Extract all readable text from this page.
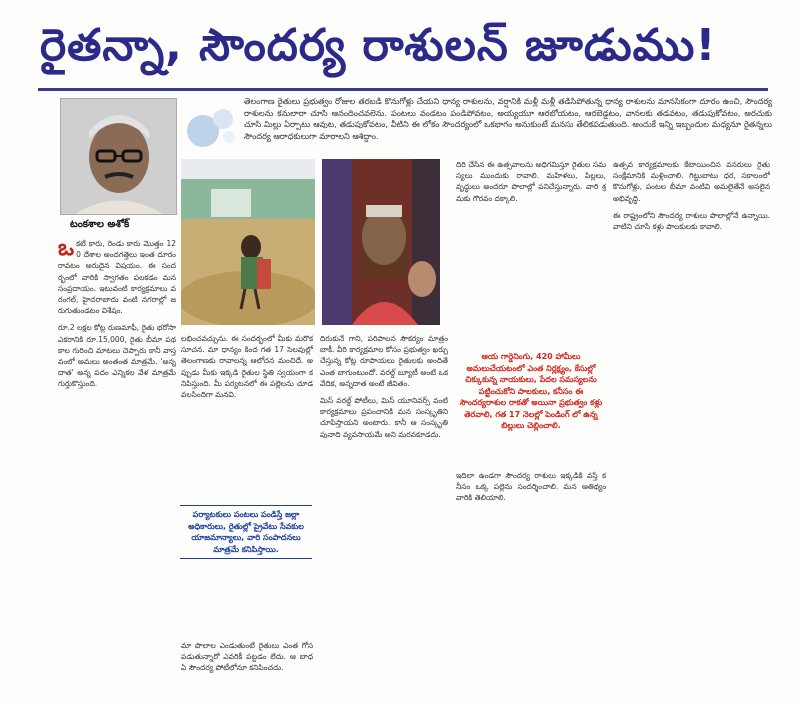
రైతన్నా, సౌందర్య రాశులన్ జూడుము!
టంకశాల అశోక్
తెలంగాణ రైతులు ప్రభుత్వం రోజుల తరబడి కొనుగోళ్లు చేయని ధాన్య రాశులను, వర్షానికి మళ్లీ మళ్లీ తడిసిపోతున్న ధాన్య రాశులను మానసికంగా దూరం ఉంచి, సౌందర్య రాశులను కనులారా చూసి ఆనందించవలెను. పంటలు వండటం పండిపోవటం, అయ్యయూ ఆరబోయటం, ఆరబెడ్డటం, వానలకు తడవటం, తడుపుకోవటం, అరచుకు చూసి మిల్లు ఏర్పాటు ఆవుట, తడుపుకోవటం, వీటిని ఈ లోకం సౌందర్యంలో ఒకభాగం అనుకుంటే మనసు తేలికపడుతుంది. అందుకే ఇన్ని ఇబ్బందుల మధ్యనూ రైతన్నలు సౌందర్య ఆరాధకులుగా మారాలని ఆశిద్దాం.

ఒకటే కారు, రెండు కారు మొత్తం 120 దేశాల అందగత్తెలు ఇంత దూరం రావటం అరుదైన విషయం. ఈ సందర్భంలో వారికి స్వాగతం పలకడం మన సంప్రదాయం. ఇటువంటి కార్యక్రమాలు వరంగల్, హైదరాబాదు వంటి నగరాల్లో జరుగుతుండటం విశేషం.

రూ.2 లక్షల కోట్ల రుణమాఫీ, రైతు భరోసా ఎకరానికి రూ.15,000, రైతు బీమా పథకాల గురించి మాటలు చెప్పారు కానీ వాస్తవంలో అమలు అంతంత మాత్రమే. 'అన్నదాత' అన్న పదం ఎన్నికల వేళ మాత్రమే గుర్తుకొస్తుంది.

లభించవచ్చును. ఈ సందర్భంలో మీకు మరొక సూచన. మా ధాన్యం కింద గత 17 సెలవుల్లో తెలంగాణకు రావాలన్న ఆలోచన మంచిదే. అప్పుడు మీకు ఇక్కడి రైతుల స్థితి స్వయంగా కనిపిస్తుంది. మీ పర్యటనలో ఈ పల్లెలను చూడవలసిందిగా మనవి.

పర్యాటకులు పంటలు పండిస్తే జల్లా అధికారులు, రైతుల్లో ప్రైవేటు సేవకుల యాజమాన్యాలు, వారి సంపాదనలు మాత్రమే కనిపిస్తాయి.

మా పొలాల ఎండుతుంటే రైతులు ఎంత గోస పడుతున్నారో ఎవరికీ పట్టడం లేదు. ఆ బాధ ఏ సౌందర్య పోటీలోనూ కనిపించదు.

దిరుకునే గాని, పరిపాలన సౌకర్యం మాత్రం బాకీ. వీరి కార్యక్రమాల కోసం ప్రభుత్వం ఖర్చు చేస్తున్న కోట్ల రూపాయలు రైతులకు అందితే ఎంత బాగుంటుందో. వరల్డ్ బ్యూటీ అంటే ఒక వేదిక, అన్నదాత అంటే జీవితం.

మిస్ వరల్డ్ పోటీలు, మిస్ యూనివర్స్ వంటి కార్యక్రమాలు ప్రపంచానికి మన సంస్కృతిని చూపిస్తాయని అంటారు. కానీ ఆ సంస్కృతి పునాది వ్యవసాయమే అని మరవకూడదు.

దిరి చేసిన ఈ ఉత్సవాలను అధిగమిస్తూ రైతుల సమస్యలు ముందుకు రావాలి. మహిళలు, పిల్లలు, వృద్ధులు అందరూ పొలాల్లో పనిచేస్తున్నారు. వారి శ్రమకు గౌరవం దక్కాలి.

ఆయ గార్డెనింగు, 420 హామీలు అమలుచేయటంలో ఎంత నిర్లక్ష్యం, కేసుల్లో చిక్కుకున్న నాయకులు, పేదల సమస్యలను పట్టించుకోని పాలకులు, కనీసం ఈ సౌందర్యరాశుల రాకతో అయినా ప్రభుత్వం కళ్లు తెరవాలి, గత 17 నెలల్లో పెండింగ్ లో ఉన్న బిల్లులు చెల్లించాలి.

ఇదిలా ఉండగా సౌందర్య రాశులు ఇక్కడికి వస్తే కనీసం ఒక్క పల్లెను సందర్శించాలి. మన ఆతిథ్యం వారికి తెలియాలి.

ఉత్సవ కార్యక్రమాలకు కేటాయించిన వనరులు రైతు సంక్షేమానికి మళ్లించాలి. గిట్టుబాటు ధర, సకాలంలో కొనుగోళ్లు, పంటల బీమా వంటివి అమలైతేనే అసలైన అభివృద్ధి.

ఈ రాష్ట్రంలోని సౌందర్య రాశులు పొలాల్లోనే ఉన్నాయి. వాటిని చూసే కళ్లు పాలకులకు కావాలి.
